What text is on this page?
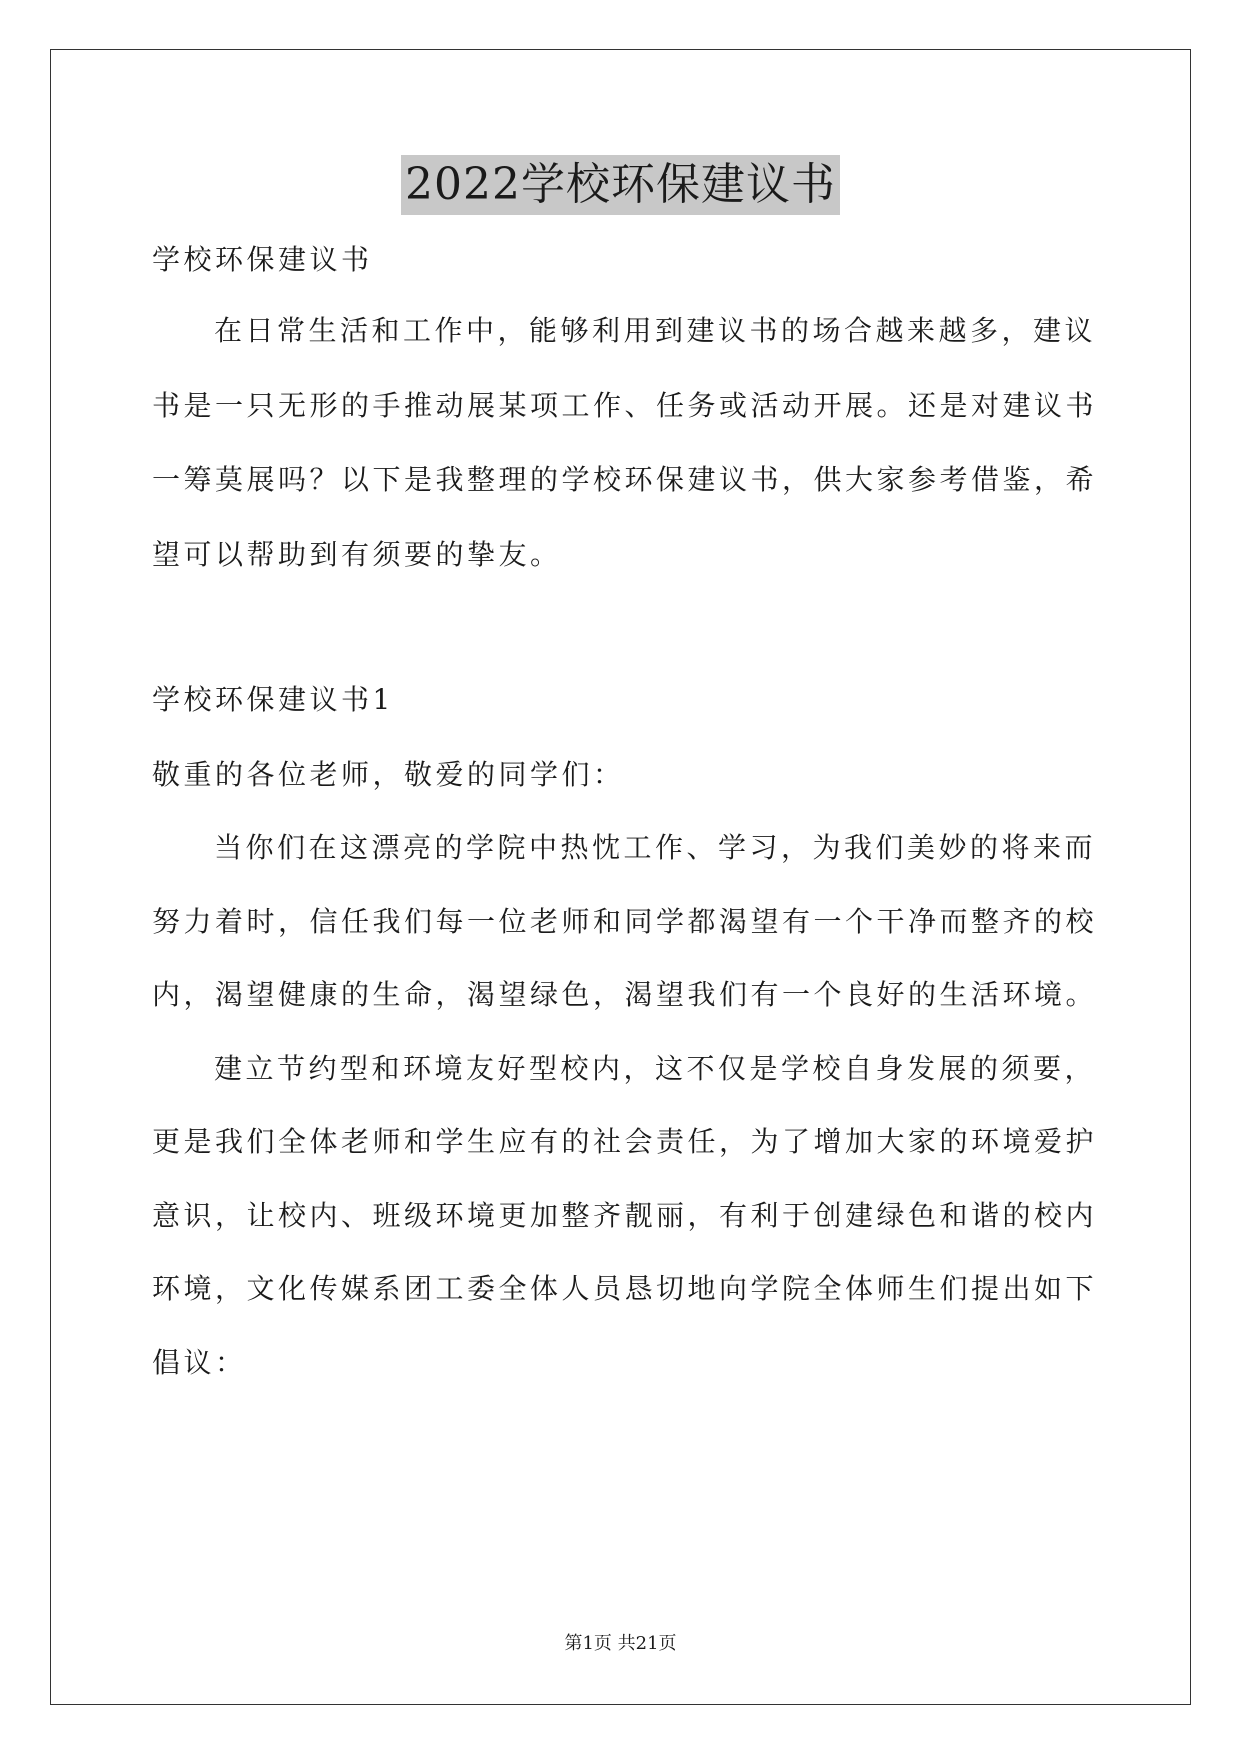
2022学校环保建议书
学校环保建议书
在日常生活和工作中，能够利用到建议书的场合越来越多，建议
书是一只无形的手推动展某项工作、任务或活动开展。还是对建议书
一筹莫展吗？以下是我整理的学校环保建议书，供大家参考借鉴，希
望可以帮助到有须要的挚友。
学校环保建议书1
敬重的各位老师，敬爱的同学们：
当你们在这漂亮的学院中热忱工作、学习，为我们美妙的将来而
努力着时，信任我们每一位老师和同学都渴望有一个干净而整齐的校
内，渴望健康的生命，渴望绿色，渴望我们有一个良好的生活环境。
建立节约型和环境友好型校内，这不仅是学校自身发展的须要，
更是我们全体老师和学生应有的社会责任，为了增加大家的环境爱护
意识，让校内、班级环境更加整齐靓丽，有利于创建绿色和谐的校内
环境，文化传媒系团工委全体人员恳切地向学院全体师生们提出如下
倡议：
第1页 共21页
